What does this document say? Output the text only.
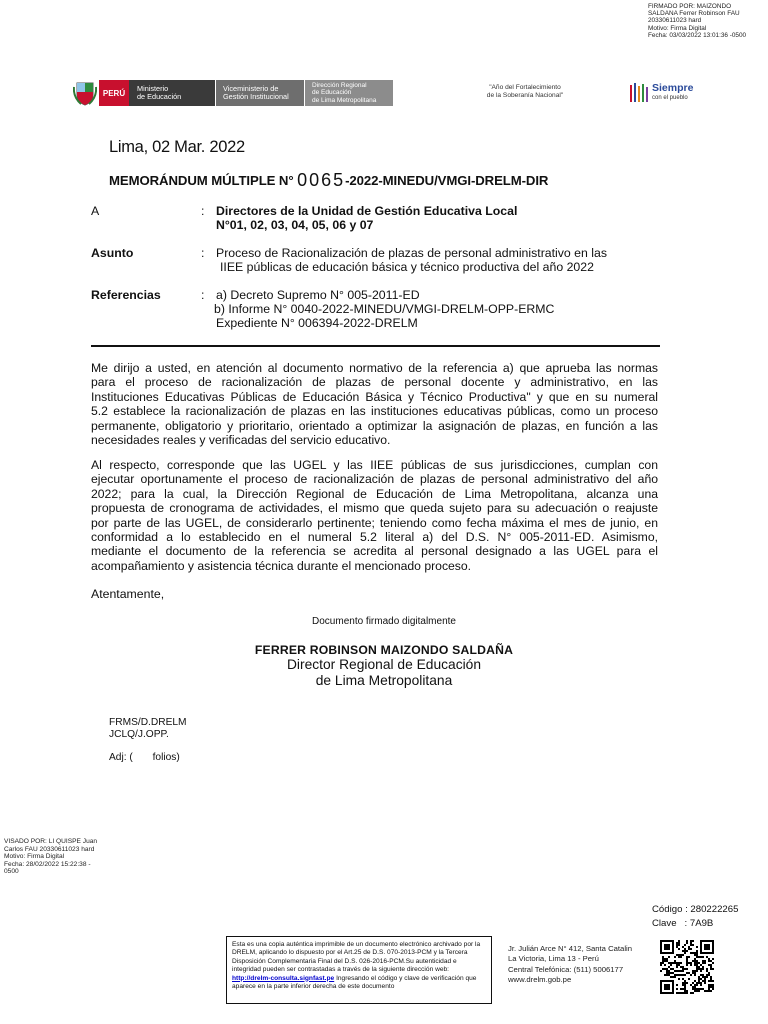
FIRMADO POR: MAIZONDO
SALDANA Ferrer Robinson FAU
20330611023 hard
Motivo: Firma Digital
Fecha: 03/03/2022 13:01:36 -0500
PERÚ Ministerio
de Educación
Viceministerio de
Gestión Institucional
Dirección Regional
de Educación
de Lima Metropolitana
"Año del Fortalecimiento
de la Soberanía Nacional"
Siempre
con el pueblo
Lima, 02 Mar. 2022
MEMORÁNDUM MÚLTIPLE N° 0065-2022-MINEDU/VMGI-DRELM-DIR
A	: Directores de la Unidad de Gestión Educativa Local
N°01, 02, 03, 04, 05, 06 y 07
Asunto	: Proceso de Racionalización de plazas de personal administrativo en las
IIEE públicas de educación básica y técnico productiva del año 2022
Referencias	: a) Decreto Supremo N° 005-2011-ED
b) Informe N° 0040-2022-MINEDU/VMGI-DRELM-OPP-ERMC
Expediente N° 006394-2022-DRELM
Me dirijo a usted, en atención al documento normativo de la referencia a) que aprueba las normas
para el proceso de racionalización de plazas de personal docente y administrativo, en las
Instituciones Educativas Públicas de Educación Básica y Técnico Productiva" y que en su numeral
5.2 establece la racionalización de plazas en las instituciones educativas públicas, como un proceso
permanente, obligatorio y prioritario, orientado a optimizar la asignación de plazas, en función a las
necesidades reales y verificadas del servicio educativo.
Al respecto, corresponde que las UGEL y las IIEE públicas de sus jurisdicciones, cumplan con
ejecutar oportunamente el proceso de racionalización de plazas de personal administrativo del año
2022; para la cual, la Dirección Regional de Educación de Lima Metropolitana, alcanza una
propuesta de cronograma de actividades, el mismo que queda sujeto para su adecuación o reajuste
por parte de las UGEL, de considerarlo pertinente; teniendo como fecha máxima el mes de junio, en
conformidad a lo establecido en el numeral 5.2 literal a) del D.S. N° 005-2011-ED. Asimismo,
mediante el documento de la referencia se acredita al personal designado a las UGEL para el
acompañamiento y asistencia técnica durante el mencionado proceso.
Atentamente,
Documento firmado digitalmente
FERRER ROBINSON MAIZONDO SALDAÑA
Director Regional de Educación
de Lima Metropolitana
FRMS/D.DRELM
JCLQ/J.OPP.
Adj: (       folios)
VISADO POR: LI QUISPE Juan
Carlos FAU 20330611023 hard
Motivo: Firma Digital
Fecha: 28/02/2022 15:22:38 -
0500
Código : 280222265
Clave   : 7A9B
Esta es una copia auténtica imprimible de un documento electrónico archivado por la DRELM, aplicando lo dispuesto por el Art.25 de D.S. 070-2013-PCM y la Tercera Disposición Complementaria Final del D.S. 026-2016-PCM.Su autenticidad e integridad pueden ser contrastadas a través de la siguiente dirección web: http://drelm-consulta.signfast.pe Ingresando el código y clave de verificación que aparece en la parte inferior derecha de este documento
Jr. Julián Arce N° 412, Santa Catalin
La Victoria, Lima 13 - Perú
Central Telefónica: (511) 5006177
www.drelm.gob.pe
